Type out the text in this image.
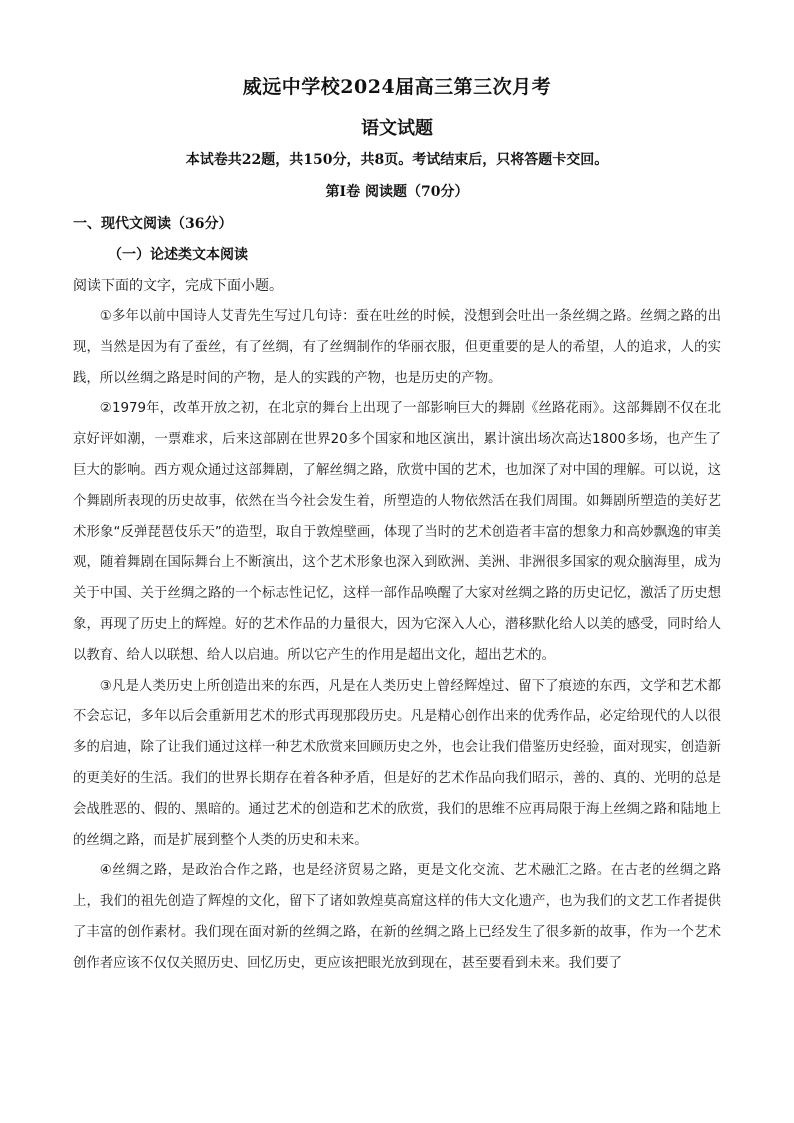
威远中学校2024届高三第三次月考
语文试题
本试卷共22题，共150分，共8页。考试结束后，只将答题卡交回。
第Ⅰ卷 阅读题（70分）
一、现代文阅读（36分）
（一）论述类文本阅读
阅读下面的文字，完成下面小题。

①多年以前中国诗人艾青先生写过几句诗：蚕在吐丝的时候，没想到会吐出一条丝绸之路。丝绸之路的出现，当然是因为有了蚕丝，有了丝绸，有了丝绸制作的华丽衣服，但更重要的是人的希望，人的追求，人的实践，所以丝绸之路是时间的产物，是人的实践的产物，也是历史的产物。

②1979年，改革开放之初，在北京的舞台上出现了一部影响巨大的舞剧《丝路花雨》。这部舞剧不仅在北京好评如潮，一票难求，后来这部剧在世界20多个国家和地区演出，累计演出场次高达1800多场，也产生了巨大的影响。西方观众通过这部舞剧，了解丝绸之路，欣赏中国的艺术，也加深了对中国的理解。可以说，这个舞剧所表现的历史故事，依然在当今社会发生着，所塑造的人物依然活在我们周围。如舞剧所塑造的美好艺术形象“反弹琵琶伎乐天”的造型，取自于敦煌壁画，体现了当时的艺术创造者丰富的想象力和高妙飘逸的审美观，随着舞剧在国际舞台上不断演出，这个艺术形象也深入到欧洲、美洲、非洲很多国家的观众脑海里，成为关于中国、关于丝绸之路的一个标志性记忆，这样一部作品唤醒了大家对丝绸之路的历史记忆，激活了历史想象，再现了历史上的辉煌。好的艺术作品的力量很大，因为它深入人心，潜移默化给人以美的感受，同时给人以教育、给人以联想、给人以启迪。所以它产生的作用是超出文化，超出艺术的。

③凡是人类历史上所创造出来的东西，凡是在人类历史上曾经辉煌过、留下了痕迹的东西，文学和艺术都不会忘记，多年以后会重新用艺术的形式再现那段历史。凡是精心创作出来的优秀作品，必定给现代的人以很多的启迪，除了让我们通过这样一种艺术欣赏来回顾历史之外，也会让我们借鉴历史经验，面对现实，创造新的更美好的生活。我们的世界长期存在着各种矛盾，但是好的艺术作品向我们昭示，善的、真的、光明的总是会战胜恶的、假的、黑暗的。通过艺术的创造和艺术的欣赏，我们的思维不应再局限于海上丝绸之路和陆地上的丝绸之路，而是扩展到整个人类的历史和未来。

④丝绸之路，是政治合作之路，也是经济贸易之路，更是文化交流、艺术融汇之路。在古老的丝绸之路上，我们的祖先创造了辉煌的文化，留下了诸如敦煌莫高窟这样的伟大文化遗产，也为我们的文艺工作者提供了丰富的创作素材。我们现在面对新的丝绸之路，在新的丝绸之路上已经发生了很多新的故事，作为一个艺术创作者应该不仅仅关照历史、回忆历史，更应该把眼光放到现在，甚至要看到未来。我们要了
